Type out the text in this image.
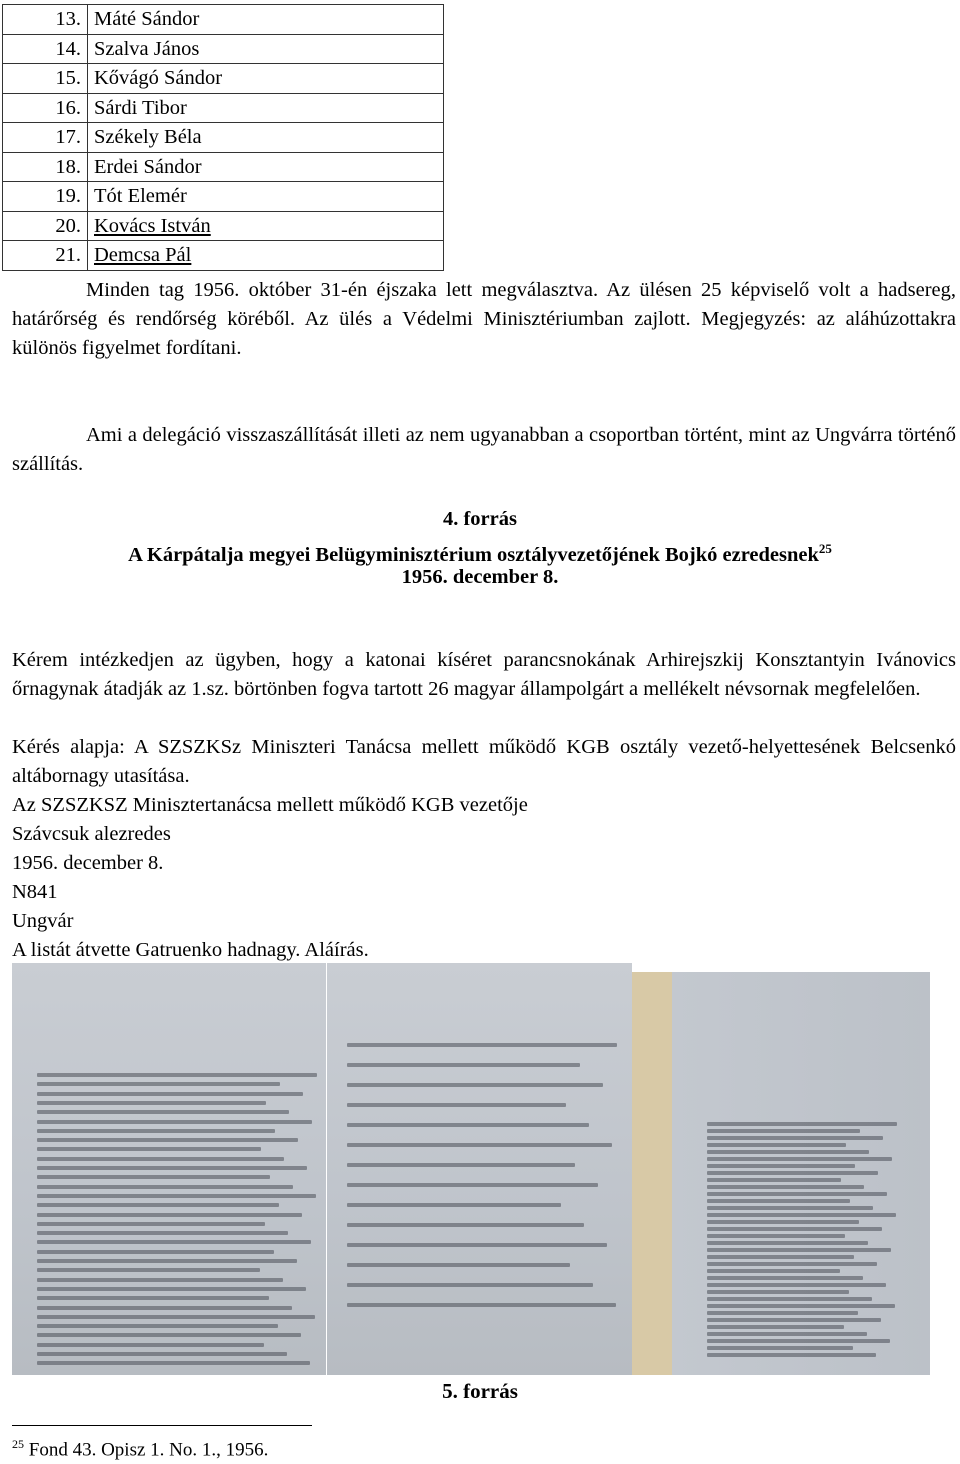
13.	Máté Sándor
14.	Szalva János
15.	Kővágó Sándor
16.	Sárdi Tibor
17.	Székely Béla
18.	Erdei Sándor
19.	Tót Elemér
20.	Kovács István
21.	Demcsa Pál
Minden tag 1956. október 31-én éjszaka lett megválasztva. Az ülésen 25 képviselő volt a hadsereg, határőrség és rendőrség köréből. Az ülés a Védelmi Minisztériumban zajlott. Megjegyzés: az aláhúzottakra különös figyelmet fordítani.
Ami a delegáció visszaszállítását illeti az nem ugyanabban a csoportban történt, mint az Ungvárra történő szállítás.
4. forrás
A Kárpátalja megyei Belügyminisztérium osztályvezetőjének Bojkó ezredesnek$^{25}$
1956. december 8.
Kérem intézkedjen az ügyben, hogy a katonai kíséret parancsnokának Arhirejszkij Konsztantyin Ivánovics őrnagynak átadják az 1.sz. börtönben fogva tartott 26 magyar állampolgárt a mellékelt névsornak megfelelően.
Kérés alapja: A SZSZKSz Miniszteri Tanácsa mellett működő KGB osztály vezető-helyettesének Belcsenkó altábornagy utasítása.
Az SZSZKSZ Minisztertanácsa mellett működő KGB vezetője
Szávcsuk alezredes
1956. december 8.
N841
Ungvár
A listát átvette Gatruenko hadnagy. Aláírás.
5. forrás
$^{25}$ Fond 43. Opisz 1. No. 1., 1956.
